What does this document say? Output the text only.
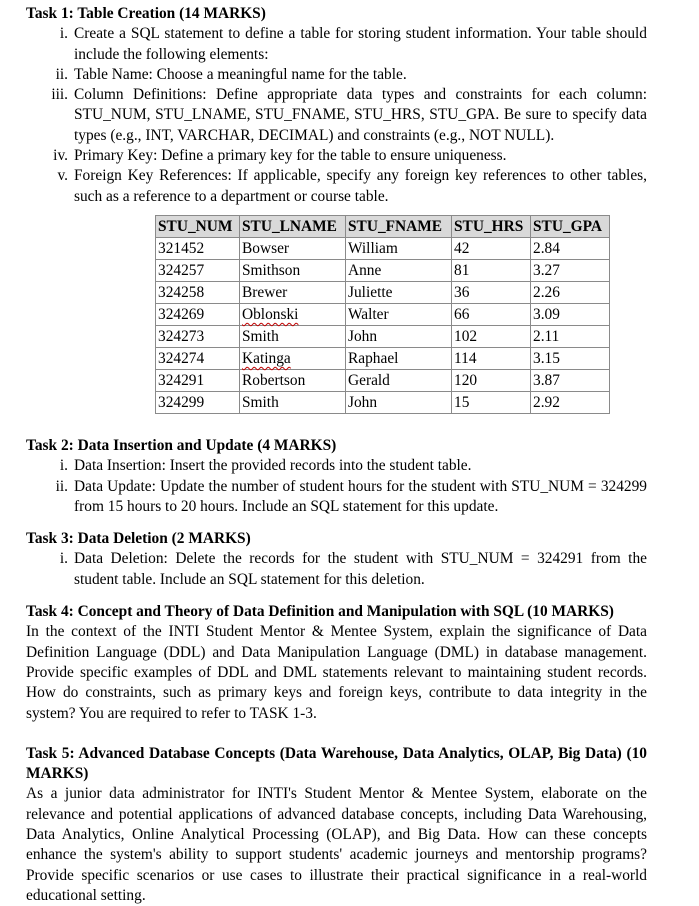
Task 1: Table Creation (14 MARKS)

i. Create a SQL statement to define a table for storing student information. Your table should include the following elements:
ii. Table Name: Choose a meaningful name for the table.
iii. Column Definitions: Define appropriate data types and constraints for each column: STU_NUM, STU_LNAME, STU_FNAME, STU_HRS, STU_GPA. Be sure to specify data types (e.g., INT, VARCHAR, DECIMAL) and constraints (e.g., NOT NULL).
iv. Primary Key: Define a primary key for the table to ensure uniqueness.
v. Foreign Key References: If applicable, specify any foreign key references to other tables, such as a reference to a department or course table.
STU_NUM	STU_LNAME	STU_FNAME	STU_HRS	STU_GPA
321452	Bowser	William	42	2.84
324257	Smithson	Anne	81	3.27
324258	Brewer	Juliette	36	2.26
324269	Oblonski	Walter	66	3.09
324273	Smith	John	102	2.11
324274	Katinga	Raphael	114	3.15
324291	Robertson	Gerald	120	3.87
324299	Smith	John	15	2.92

Task 2: Data Insertion and Update (4 MARKS)

i. Data Insertion: Insert the provided records into the student table.
ii. Data Update: Update the number of student hours for the student with STU_NUM = 324299 from 15 hours to 20 hours. Include an SQL statement for this update.

Task 3: Data Deletion (2 MARKS)

i. Data Deletion: Delete the records for the student with STU_NUM = 324291 from the student table. Include an SQL statement for this deletion.

Task 4: Concept and Theory of Data Definition and Manipulation with SQL (10 MARKS)

In the context of the INTI Student Mentor & Mentee System, explain the significance of Data Definition Language (DDL) and Data Manipulation Language (DML) in database management. Provide specific examples of DDL and DML statements relevant to maintaining student records. How do constraints, such as primary keys and foreign keys, contribute to data integrity in the system? You are required to refer to TASK 1-3.

Task 5: Advanced Database Concepts (Data Warehouse, Data Analytics, OLAP, Big Data) (10 MARKS)

As a junior data administrator for INTI's Student Mentor & Mentee System, elaborate on the relevance and potential applications of advanced database concepts, including Data Warehousing, Data Analytics, Online Analytical Processing (OLAP), and Big Data. How can these concepts enhance the system's ability to support students' academic journeys and mentorship programs? Provide specific scenarios or use cases to illustrate their practical significance in a real-world educational setting.
